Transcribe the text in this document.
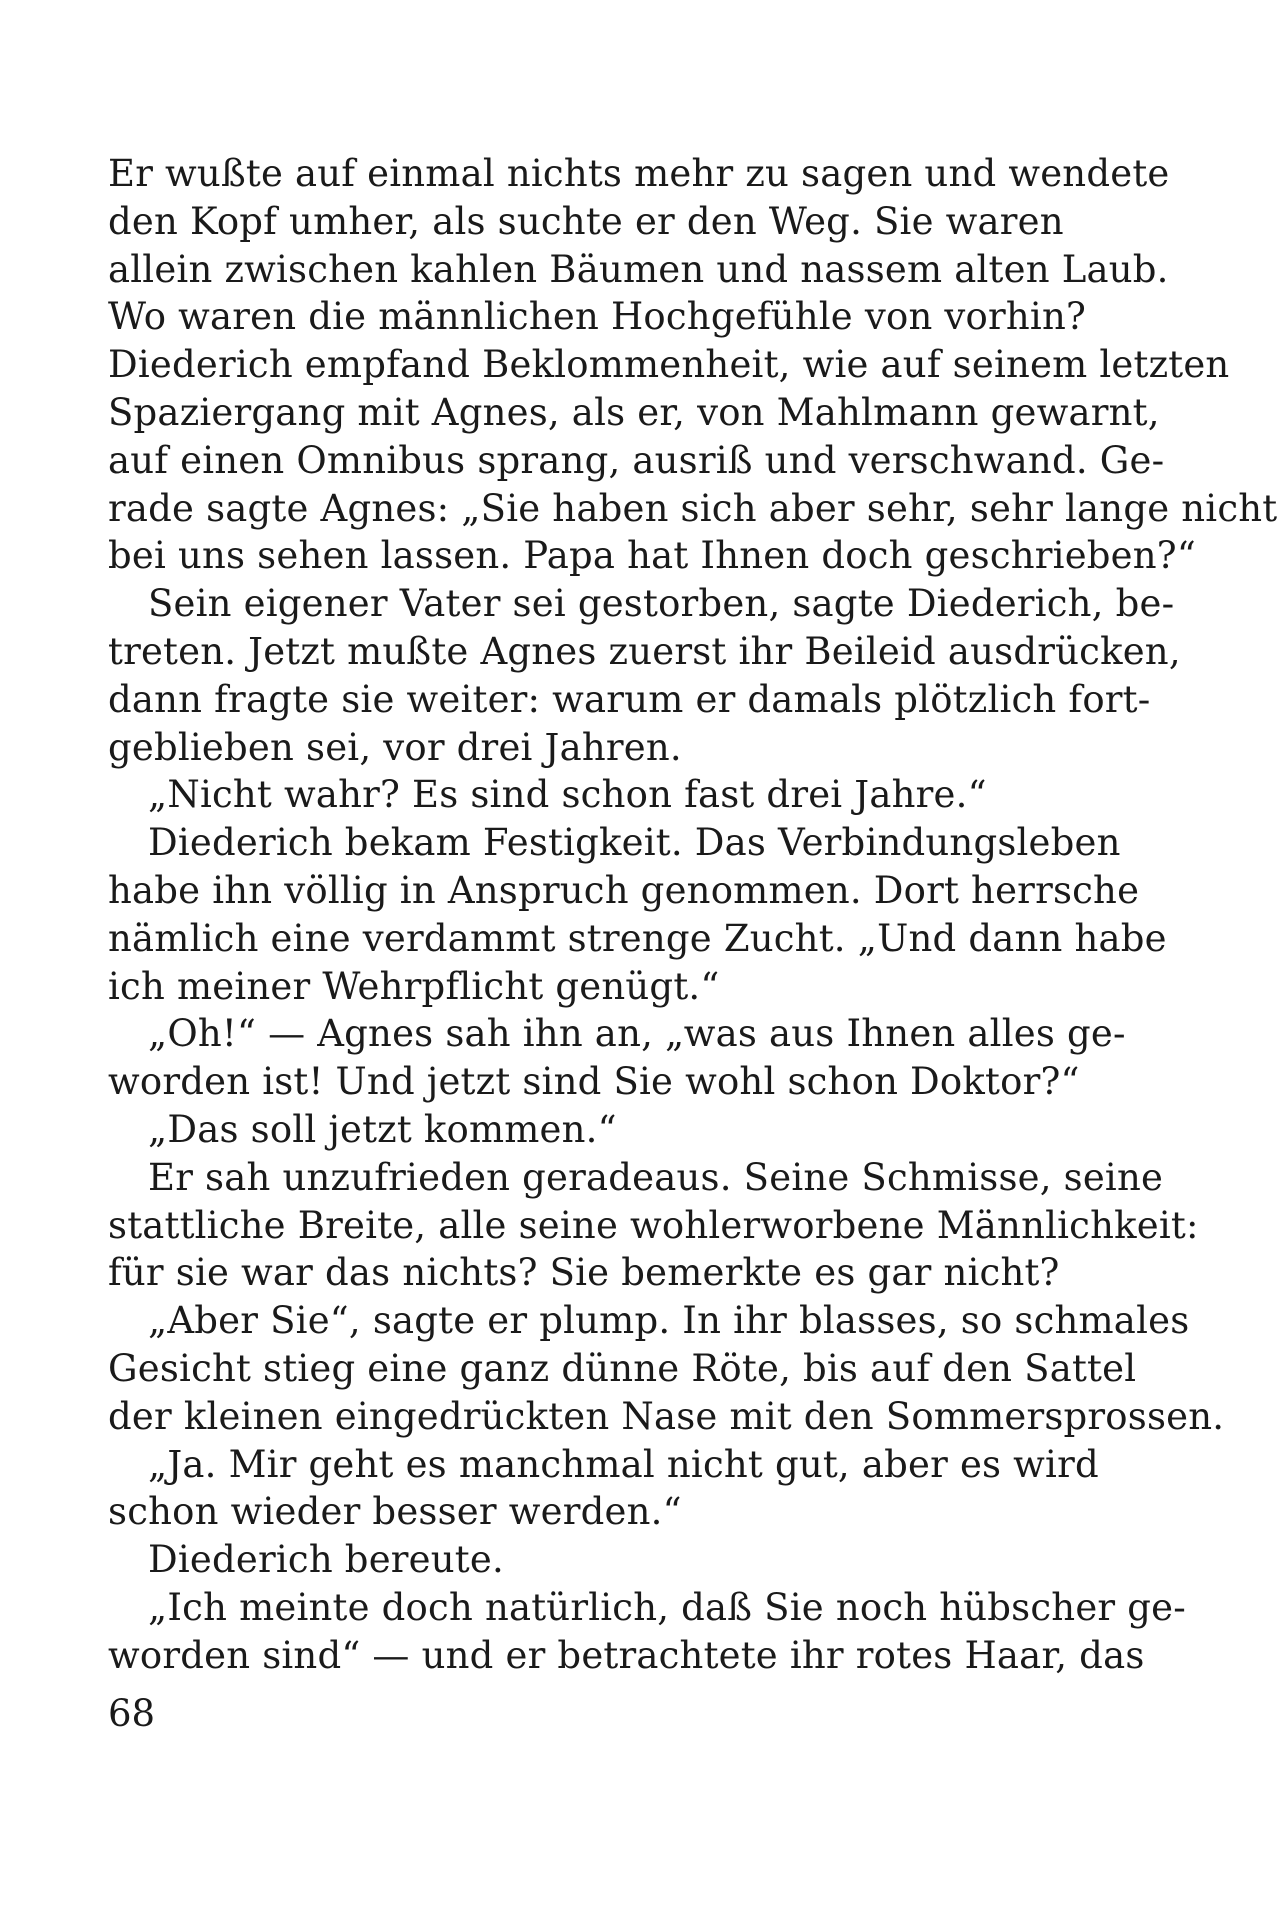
Er wußte auf einmal nichts mehr zu sagen und wendete
den Kopf umher, als suchte er den Weg. Sie waren
allein zwischen kahlen Bäumen und nassem alten Laub.
Wo waren die männlichen Hochgefühle von vorhin?
Diederich empfand Beklommenheit, wie auf seinem letzten
Spaziergang mit Agnes, als er, von Mahlmann gewarnt,
auf einen Omnibus sprang, ausriß und verschwand. Ge-
rade sagte Agnes: „Sie haben sich aber sehr, sehr lange nicht
bei uns sehen lassen. Papa hat Ihnen doch geschrieben?“
Sein eigener Vater sei gestorben, sagte Diederich, be-
treten. Jetzt mußte Agnes zuerst ihr Beileid ausdrücken,
dann fragte sie weiter: warum er damals plötzlich fort-
geblieben sei, vor drei Jahren.
„Nicht wahr? Es sind schon fast drei Jahre.“
Diederich bekam Festigkeit. Das Verbindungsleben
habe ihn völlig in Anspruch genommen. Dort herrsche
nämlich eine verdammt strenge Zucht. „Und dann habe
ich meiner Wehrpflicht genügt.“
„Oh!“ — Agnes sah ihn an, „was aus Ihnen alles ge-
worden ist! Und jetzt sind Sie wohl schon Doktor?“
„Das soll jetzt kommen.“
Er sah unzufrieden geradeaus. Seine Schmisse, seine
stattliche Breite, alle seine wohlerworbene Männlichkeit:
für sie war das nichts? Sie bemerkte es gar nicht?
„Aber Sie“, sagte er plump. In ihr blasses, so schmales
Gesicht stieg eine ganz dünne Röte, bis auf den Sattel
der kleinen eingedrückten Nase mit den Sommersprossen.
„Ja. Mir geht es manchmal nicht gut, aber es wird
schon wieder besser werden.“
Diederich bereute.
„Ich meinte doch natürlich, daß Sie noch hübscher ge-
worden sind“ — und er betrachtete ihr rotes Haar, das
68
